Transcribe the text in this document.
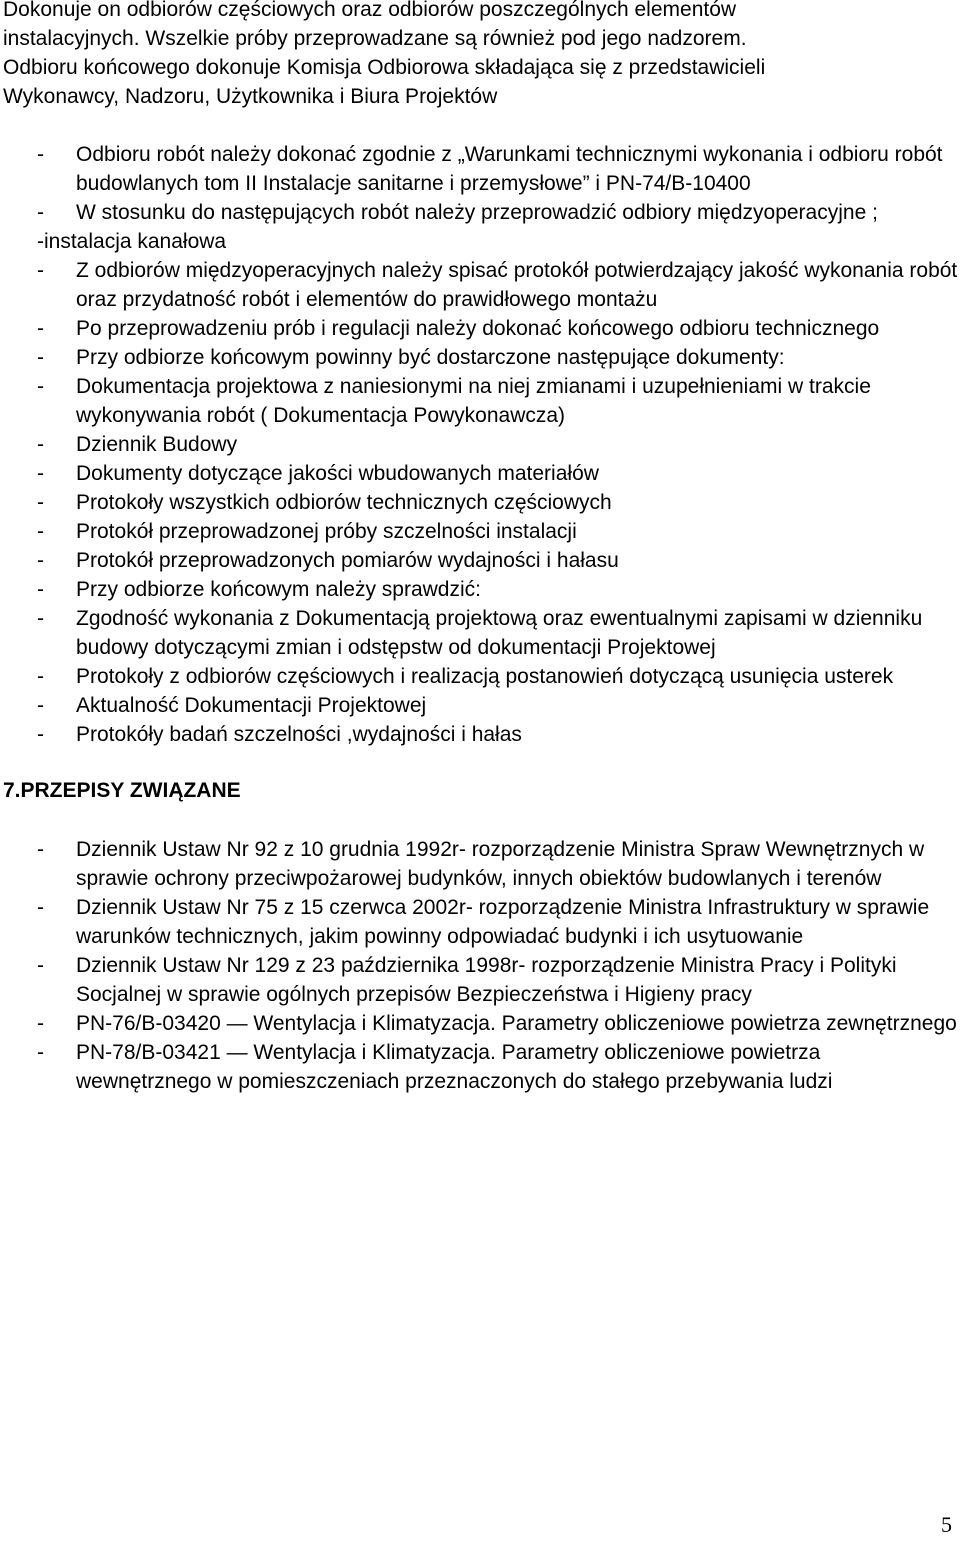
Dokonuje on odbiorów częściowych oraz odbiorów poszczególnych elementów
instalacyjnych. Wszelkie próby przeprowadzane są również pod jego nadzorem.
Odbioru końcowego dokonuje Komisja Odbiorowa składająca się z przedstawicieli
Wykonawcy, Nadzoru, Użytkownika i Biura Projektów
- Odbioru robót należy dokonać zgodnie z „Warunkami technicznymi wykonania i odbioru robót budowlanych tom II Instalacje sanitarne i przemysłowe” i PN-74/B-10400
- W stosunku do następujących robót należy przeprowadzić odbiory międzyoperacyjne ;
-instalacja kanałowa
- Z odbiorów międzyoperacyjnych należy spisać protokół potwierdzający jakość wykonania robót oraz przydatność robót i elementów do prawidłowego montażu
- Po przeprowadzeniu prób i regulacji należy dokonać końcowego odbioru technicznego
- Przy odbiorze końcowym powinny być dostarczone następujące dokumenty:
- Dokumentacja projektowa z naniesionymi na niej zmianami i uzupełnieniami w trakcie wykonywania robót ( Dokumentacja Powykonawcza)
- Dziennik Budowy
- Dokumenty dotyczące jakości wbudowanych materiałów
- Protokoły wszystkich odbiorów technicznych częściowych
- Protokół przeprowadzonej próby szczelności instalacji
- Protokół przeprowadzonych pomiarów wydajności i hałasu
- Przy odbiorze końcowym należy sprawdzić:
- Zgodność wykonania z Dokumentacją projektową oraz ewentualnymi zapisami w dzienniku budowy dotyczącymi zmian i odstępstw od dokumentacji Projektowej
- Protokoły z odbiorów częściowych i realizacją postanowień dotyczącą usunięcia usterek
- Aktualność Dokumentacji Projektowej
- Protokóły badań szczelności ,wydajności i hałas
7.PRZEPISY ZWIĄZANE
- Dziennik Ustaw Nr 92 z 10 grudnia 1992r- rozporządzenie Ministra Spraw Wewnętrznych w sprawie ochrony przeciwpożarowej budynków, innych obiektów budowlanych i terenów
- Dziennik Ustaw Nr 75 z 15 czerwca 2002r- rozporządzenie Ministra Infrastruktury w sprawie warunków technicznych, jakim powinny odpowiadać budynki i ich usytuowanie
- Dziennik Ustaw Nr 129 z 23 października 1998r- rozporządzenie Ministra Pracy i Polityki Socjalnej w sprawie ogólnych przepisów Bezpieczeństwa i Higieny pracy
- PN-76/B-03420 — Wentylacja i Klimatyzacja. Parametry obliczeniowe powietrza zewnętrznego
- PN-78/B-03421 — Wentylacja i Klimatyzacja. Parametry obliczeniowe powietrza wewnętrznego w pomieszczeniach przeznaczonych do stałego przebywania ludzi
5
